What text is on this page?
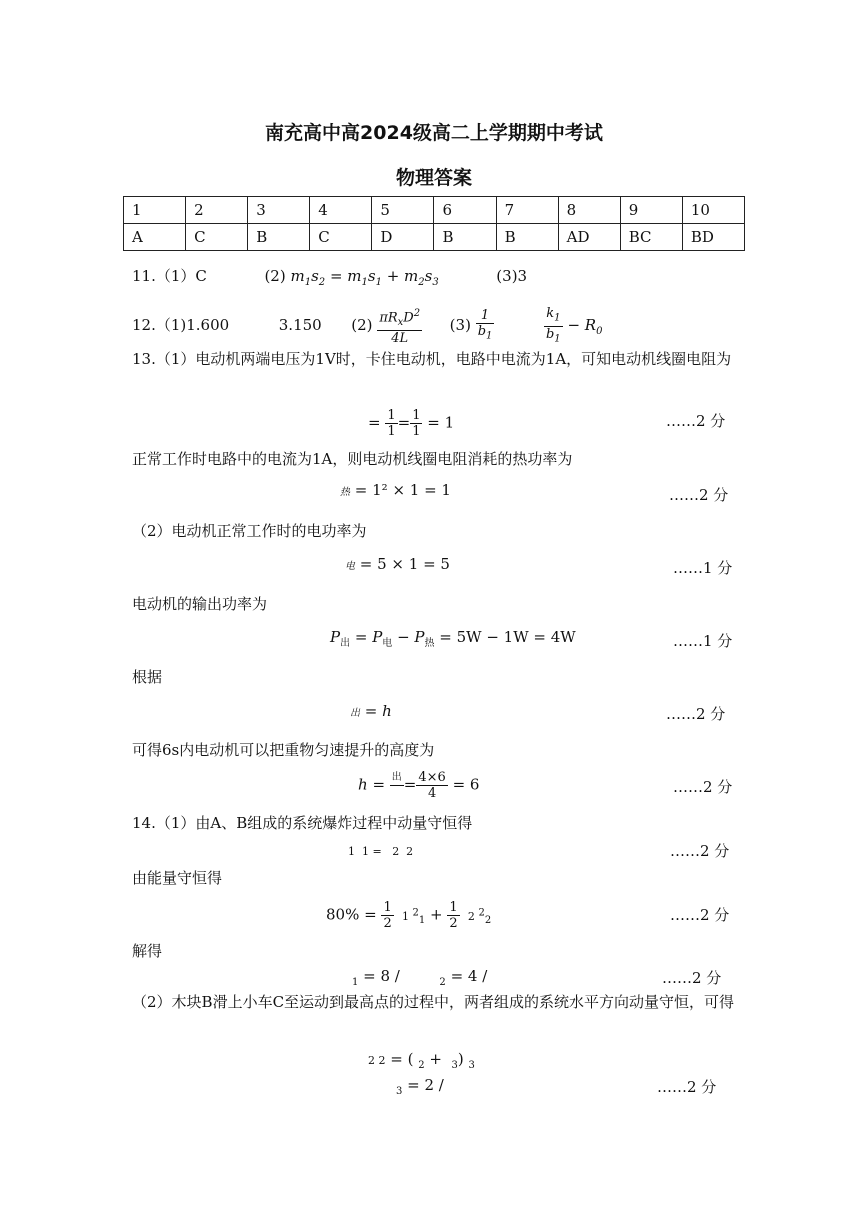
南充高中高2024级高二上学期期中考试
物理答案
1	2	3	4	5	6	7	8	9	10
A	C	B	C	D	B	B	AD	BC	BD
11.（1）C	(2) $m_1s_2 = m_1s_1 + m_2s_3$	(3)3
12.（1)1.600	3.150 $(2) \frac{\pi R_xD^2}{4L} (3) \frac{1}{b_1}$
	$\frac{k_1}{b_1} - R_0$
13.（1）电动机两端电压为1V时，卡住电动机，电路中电流为1A，可知电动机线圈电阻为
= $\frac{1}{1} = \frac{1}{1} = 1$	……2 分
正常工作时电路中的电流为1A，则电动机线圈电阻消耗的热功率为
热 = 1² × 1 = 1	……2 分
（2）电动机正常工作时的电功率为
电 = 5 × 1 = 5	……1 分
电动机的输出功率为
$P_出 = P_电 - P_热 = 5W - 1W = 4W$	……1 分
根据
出 = h	……2 分
可得6s内电动机可以把重物匀速提升的高度为
h = 出
= $\frac{4\times 6}{4} = 6$	……2 分
14.（1）由A、B组成的系统爆炸过程中动量守恒得
1  1 =   2  2	……2 分
由能量守恒得
$80\% = \frac{1}{2} 1$ $^2_1 + \frac{1}{2} 2$ $^2_2$	……2 分
解得
$_1$ = 8 /	$_2$ = 4 /	……2 分
（2）木块B滑上小车C至运动到最高点的过程中，两者组成的系统水平方向动量守恒，可得
2 2 = ( $_2$ +  $_3$) $_3$
$_3$ = 2 /	……2 分
